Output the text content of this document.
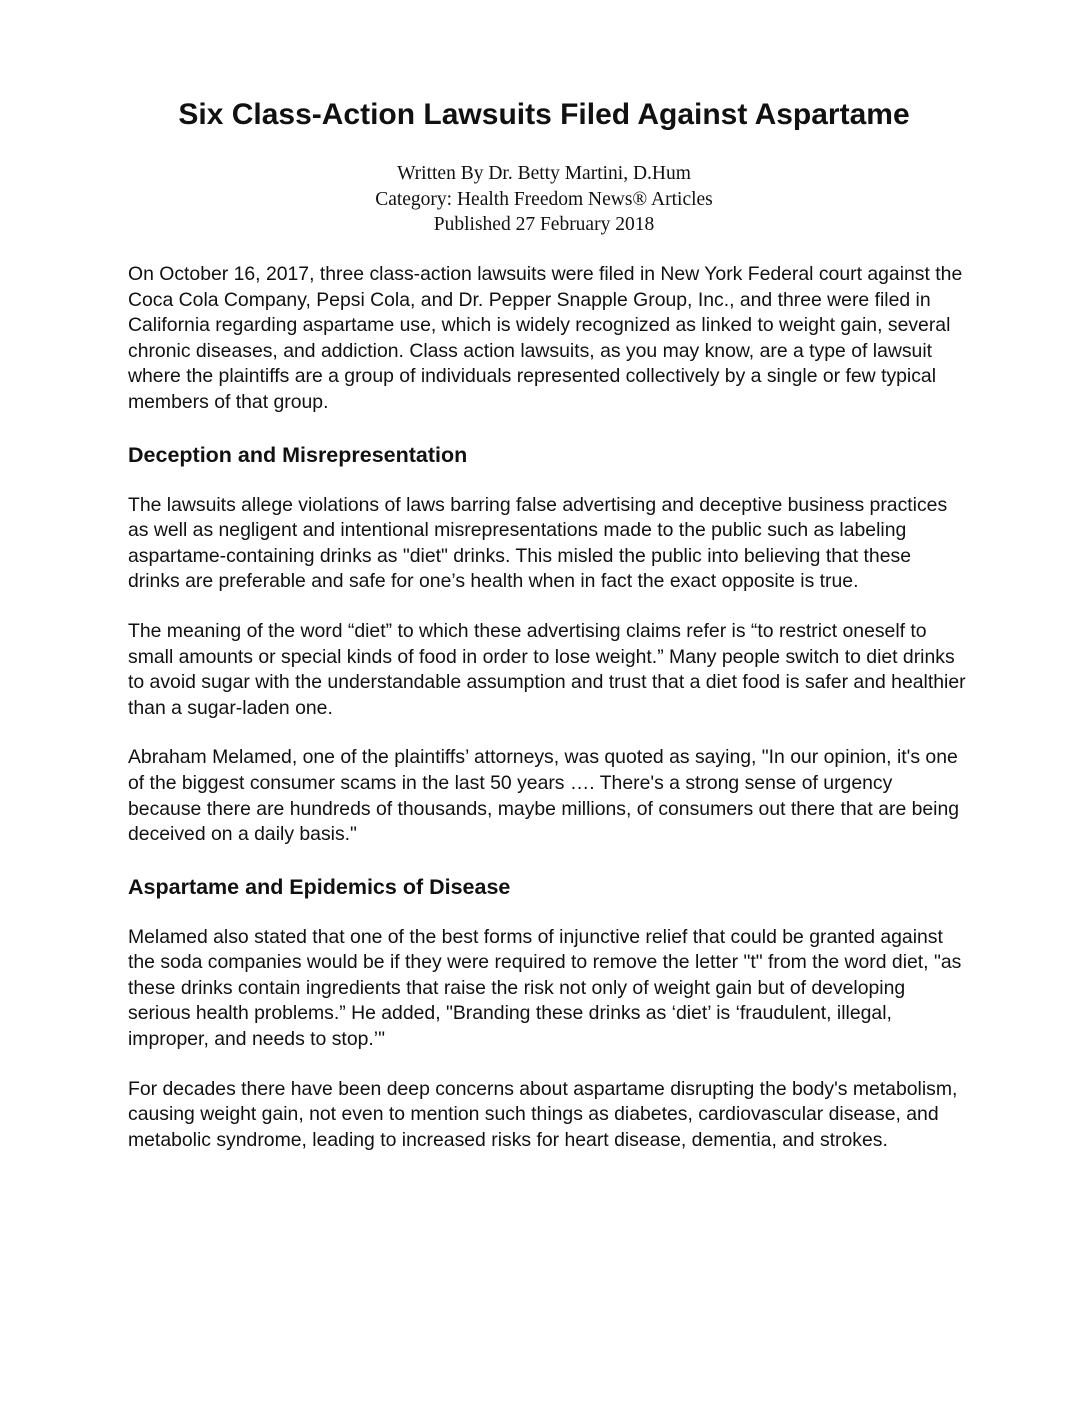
Six Class-Action Lawsuits Filed Against Aspartame
Written By Dr. Betty Martini, D.Hum
Category: Health Freedom News® Articles
Published 27 February 2018

On October 16, 2017, three class-action lawsuits were filed in New York Federal court against the Coca Cola Company, Pepsi Cola, and Dr. Pepper Snapple Group, Inc., and three were filed in California regarding aspartame use, which is widely recognized as linked to weight gain, several chronic diseases, and addiction. Class action lawsuits, as you may know, are a type of lawsuit where the plaintiffs are a group of individuals represented collectively by a single or few typical members of that group.

Deception and Misrepresentation

The lawsuits allege violations of laws barring false advertising and deceptive business practices as well as negligent and intentional misrepresentations made to the public such as labeling aspartame-containing drinks as "diet" drinks. This misled the public into believing that these drinks are preferable and safe for one’s health when in fact the exact opposite is true.

The meaning of the word “diet” to which these advertising claims refer is “to restrict oneself to small amounts or special kinds of food in order to lose weight.” Many people switch to diet drinks to avoid sugar with the understandable assumption and trust that a diet food is safer and healthier than a sugar-laden one.

Abraham Melamed, one of the plaintiffs’ attorneys, was quoted as saying, "In our opinion, it's one of the biggest consumer scams in the last 50 years …. There's a strong sense of urgency because there are hundreds of thousands, maybe millions, of consumers out there that are being deceived on a daily basis."

Aspartame and Epidemics of Disease

Melamed also stated that one of the best forms of injunctive relief that could be granted against the soda companies would be if they were required to remove the letter "t" from the word diet, "as these drinks contain ingredients that raise the risk not only of weight gain but of developing serious health problems.” He added, "Branding these drinks as ‘diet’ is ‘fraudulent, illegal, improper, and needs to stop.’"

For decades there have been deep concerns about aspartame disrupting the body's metabolism, causing weight gain, not even to mention such things as diabetes, cardiovascular disease, and metabolic syndrome, leading to increased risks for heart disease, dementia, and strokes.
